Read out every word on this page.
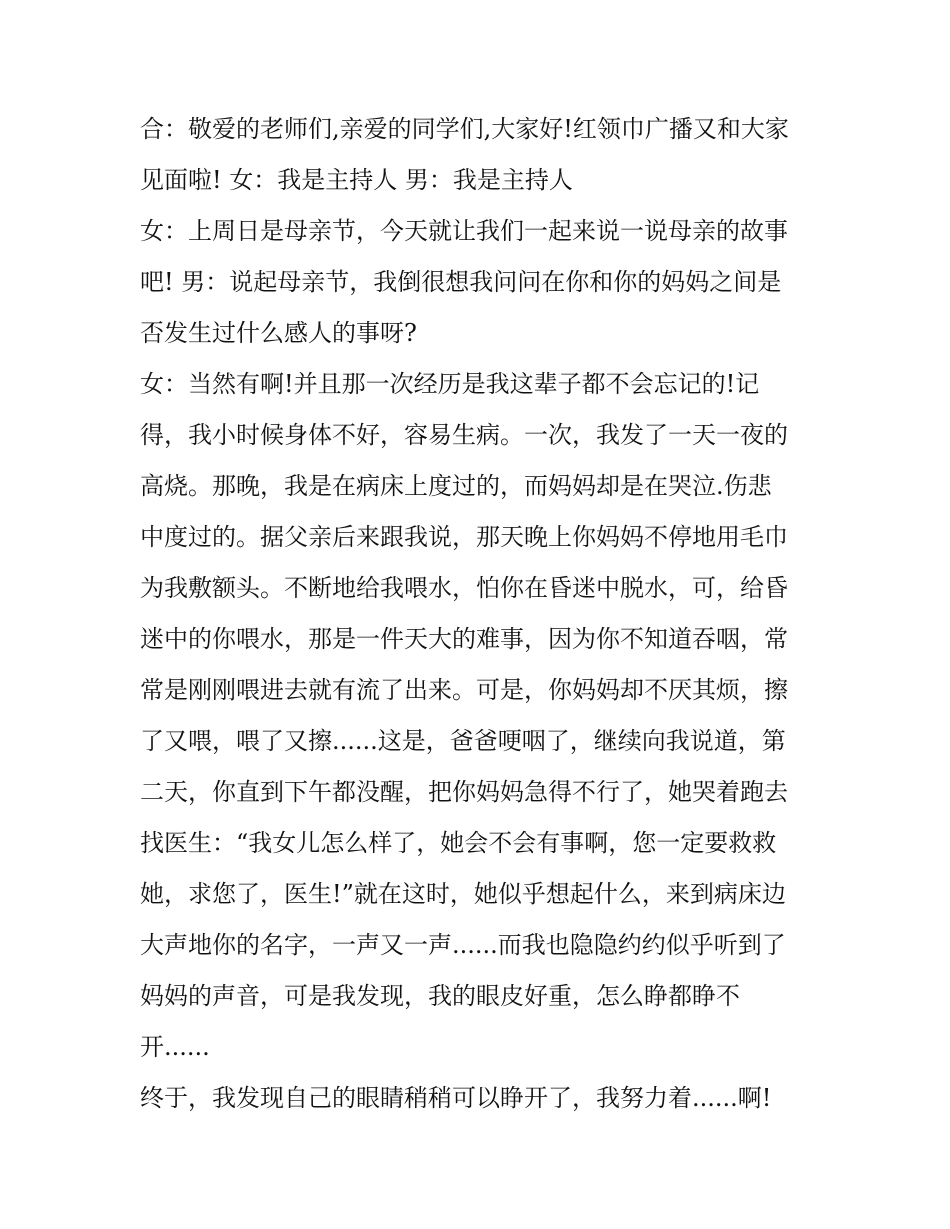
合：敬爱的老师们,亲爱的同学们,大家好!红领巾广播又和大家
见面啦! 女：我是主持人 男：我是主持人
女：上周日是母亲节，今天就让我们一起来说一说母亲的故事
吧! 男：说起母亲节，我倒很想我问问在你和你的妈妈之间是
否发生过什么感人的事呀?
女：当然有啊!并且那一次经历是我这辈子都不会忘记的!记
得，我小时候身体不好，容易生病。一次，我发了一天一夜的
高烧。那晚，我是在病床上度过的，而妈妈却是在哭泣.伤悲
中度过的。据父亲后来跟我说，那天晚上你妈妈不停地用毛巾
为我敷额头。不断地给我喂水，怕你在昏迷中脱水，可，给昏
迷中的你喂水，那是一件天大的难事，因为你不知道吞咽，常
常是刚刚喂进去就有流了出来。可是，你妈妈却不厌其烦，擦
了又喂，喂了又擦......这是，爸爸哽咽了，继续向我说道，第
二天，你直到下午都没醒，把你妈妈急得不行了，她哭着跑去
找医生：“我女儿怎么样了，她会不会有事啊，您一定要救救
她，求您了，医生!”就在这时，她似乎想起什么，来到病床边
大声地你的名字，一声又一声......而我也隐隐约约似乎听到了
妈妈的声音，可是我发现，我的眼皮好重，怎么睁都睁不
开......
终于，我发现自己的眼睛稍稍可以睁开了，我努力着......啊!
